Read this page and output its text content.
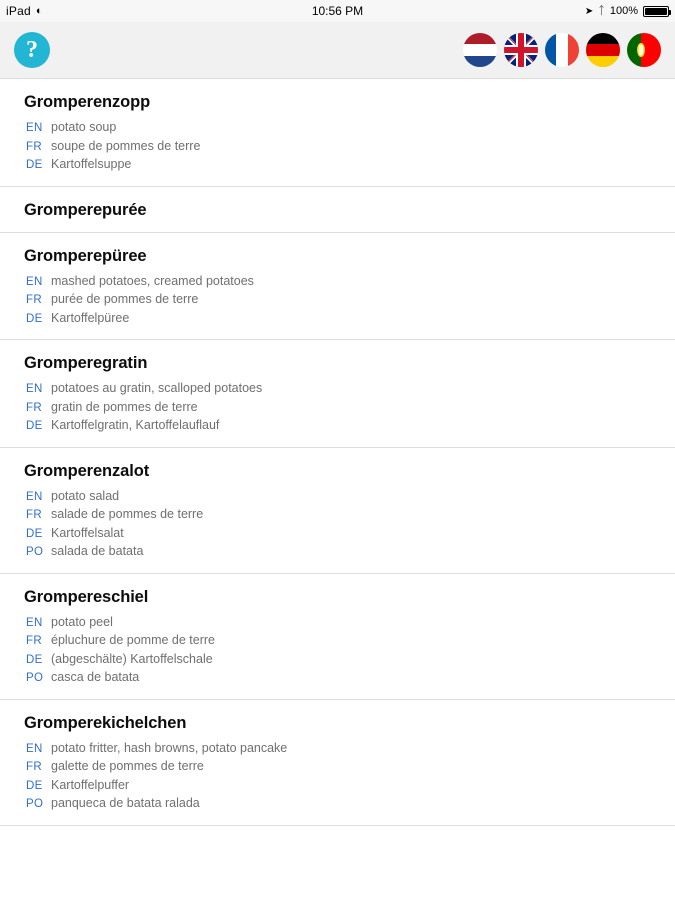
iPad ◐	10:56 PM	➤ ᛏ 100%
?
Gromperenzopp
EN potato soup
FR soupe de pommes de terre
DE Kartoffelsuppe
Gromperepurée
Gromperepüree
EN mashed potatoes, creamed potatoes
FR purée de pommes de terre
DE Kartoffelpüree
Gromperegratin
EN potatoes au gratin, scalloped potatoes
FR gratin de pommes de terre
DE Kartoffelgratin, Kartoffelauflauf
Gromperenzalot
EN potato salad
FR salade de pommes de terre
DE Kartoffelsalat
PO salada de batata
Grompereschiel
EN potato peel
FR épluchure de pomme de terre
DE (abgeschälte) Kartoffelschale
PO casca de batata
Gromperekichelchen
EN potato fritter, hash browns, potato pancake
FR galette de pommes de terre
DE Kartoffelpuffer
PO panqueca de batata ralada
